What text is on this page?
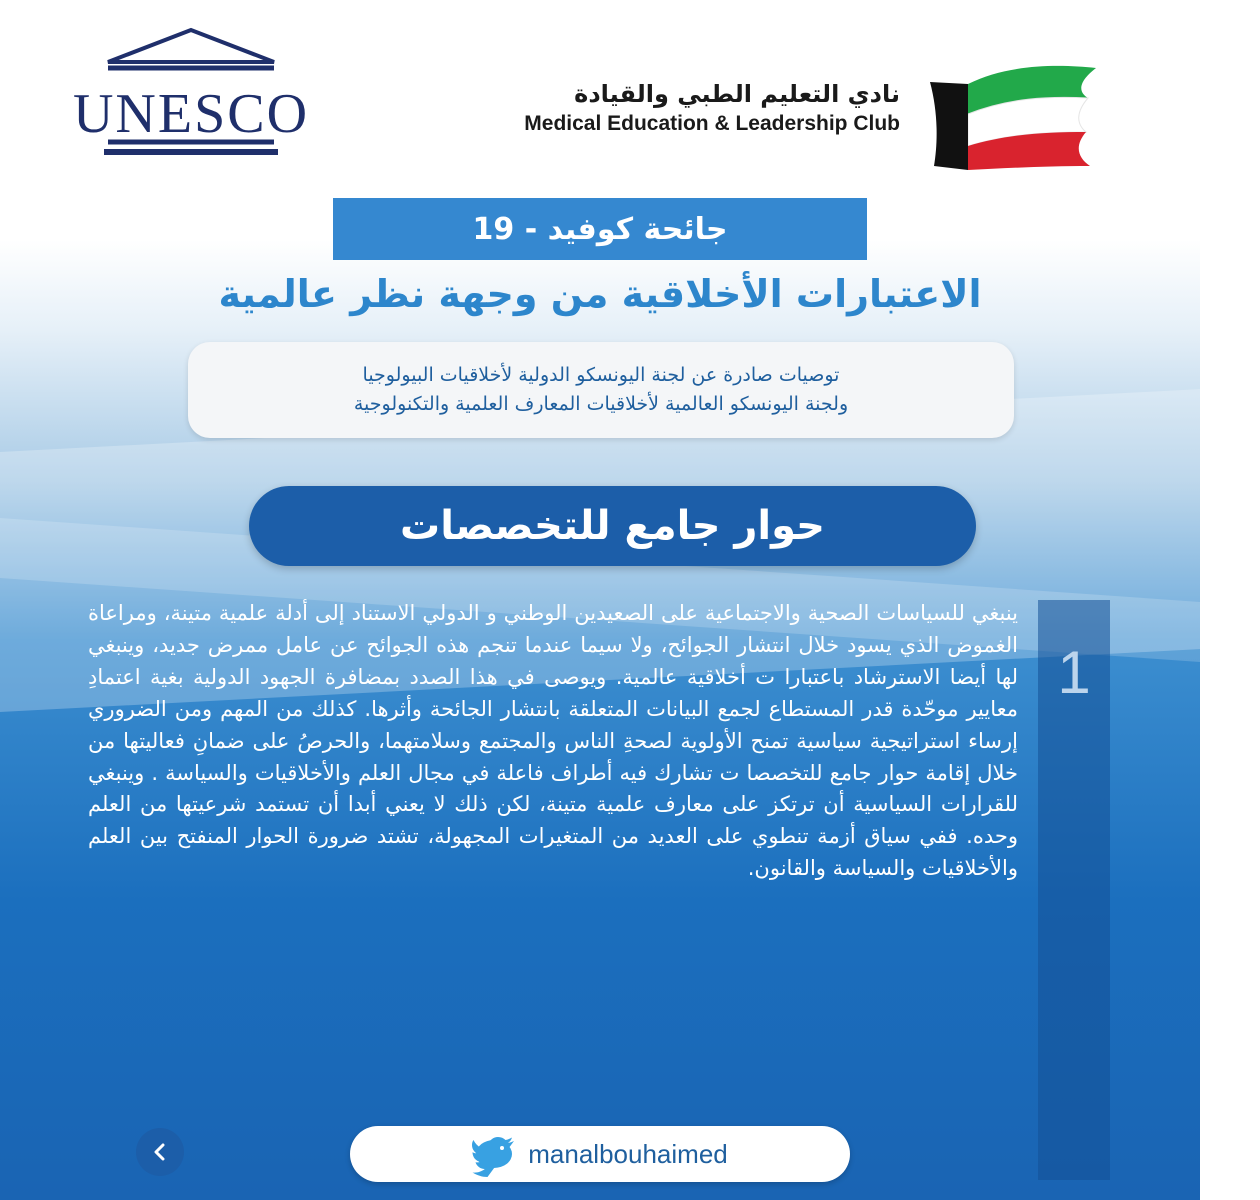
UNESCO	نادي التعليم الطبي والقيادة
Medical Education & Leadership Club
جائحة كوفيد - 19
الاعتبارات الأخلاقية من وجهة نظر عالمية
توصيات صادرة عن لجنة اليونسكو الدولية لأخلاقيات البيولوجيا
ولجنة اليونسكو العالمية لأخلاقيات المعارف العلمية والتكنولوجية
حوار جامع للتخصصات
1

ينبغي للسياسات الصحية والاجتماعية على الصعيدين الوطني و الدولي الاستناد إلى أدلة علمية متينة، ومراعاة الغموض الذي يسود خلال انتشار الجوائح، ولا سيما عندما تنجم هذه الجوائح عن عامل ممرض جديد، وينبغي لها أيضا الاسترشاد باعتبارا ت أخلاقية عالمية. ويوصى في هذا الصدد بمضافرة الجهود الدولية بغية اعتمادِ معايير موحّدة قدر المستطاع لجمع البيانات المتعلقة بانتشار الجائحة وأثرها. كذلك من المهم ومن الضروري إرساء استراتيجية سياسية تمنح الأولوية لصحةِ الناس والمجتمع وسلامتهما، والحرصُ على ضمانِ فعاليتها من خلال إقامة حوار جامع للتخصصا ت تشارك فيه أطراف فاعلة في مجال العلم والأخلاقيات والسياسة . وينبغي للقرارات السياسية أن ترتكز على معارف علمية متينة، لكن ذلك لا يعني أبدا أن تستمد شرعيتها من العلم وحده. ففي سياق أزمة تنطوي على العديد من المتغيرات المجهولة، تشتد ضرورة الحوار المنفتح بين العلم والأخلاقيات والسياسة والقانون.

manalbouhaimed
